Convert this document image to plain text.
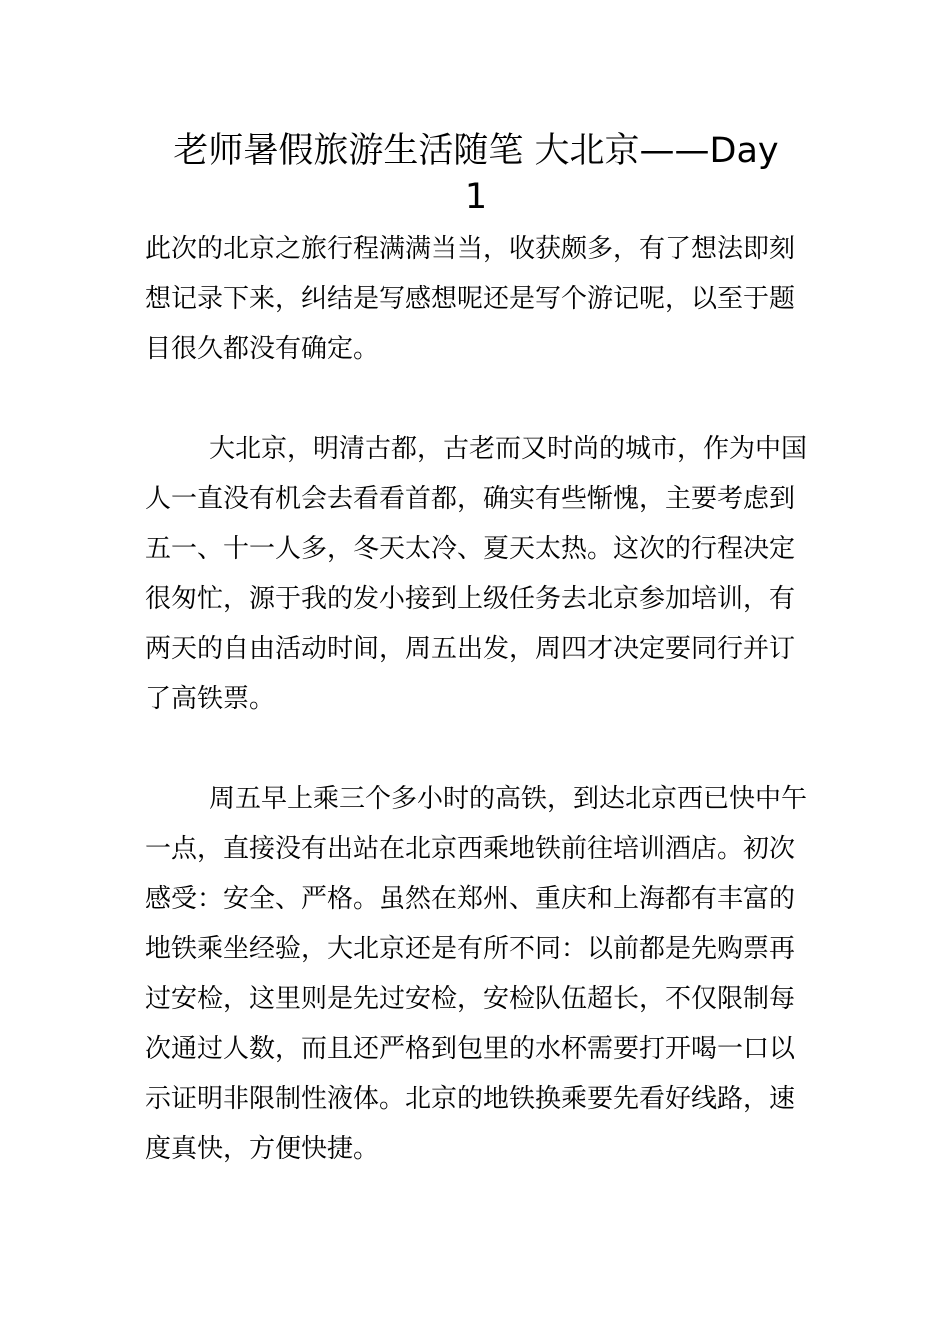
老师暑假旅游生活随笔 大北京——Day
1
此次的北京之旅行程满满当当，收获颇多，有了想法即刻
想记录下来，纠结是写感想呢还是写个游记呢，以至于题
目很久都没有确定。
大北京，明清古都，古老而又时尚的城市，作为中国
人一直没有机会去看看首都，确实有些惭愧，主要考虑到
五一、十一人多，冬天太冷、夏天太热。这次的行程决定
很匆忙，源于我的发小接到上级任务去北京参加培训，有
两天的自由活动时间，周五出发，周四才决定要同行并订
了高铁票。
周五早上乘三个多小时的高铁，到达北京西已快中午
一点，直接没有出站在北京西乘地铁前往培训酒店。初次
感受：安全、严格。虽然在郑州、重庆和上海都有丰富的
地铁乘坐经验，大北京还是有所不同：以前都是先购票再
过安检，这里则是先过安检，安检队伍超长，不仅限制每
次通过人数，而且还严格到包里的水杯需要打开喝一口以
示证明非限制性液体。北京的地铁换乘要先看好线路，速
度真快，方便快捷。
